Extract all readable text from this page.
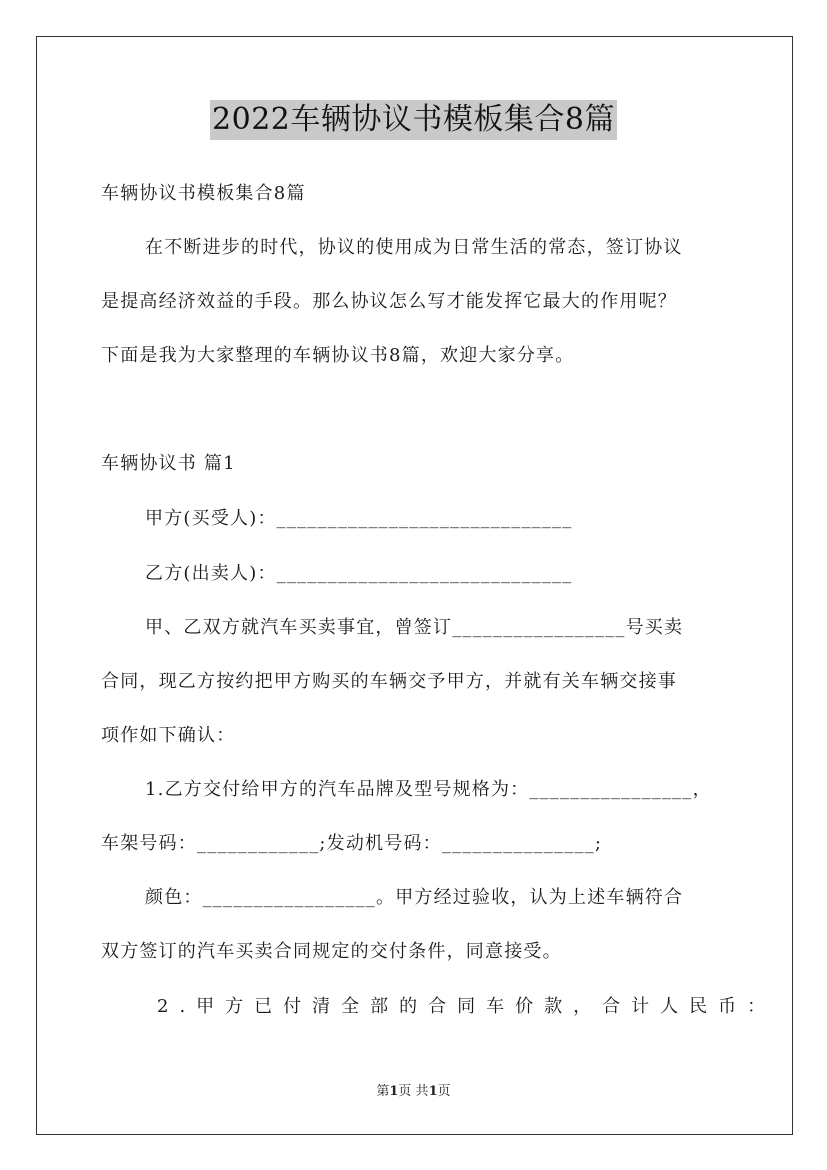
2022车辆协议书模板集合8篇
车辆协议书模板集合8篇
在不断进步的时代，协议的使用成为日常生活的常态，签订协议
是提高经济效益的手段。那么协议怎么写才能发挥它最大的作用呢？
下面是我为大家整理的车辆协议书8篇，欢迎大家分享。
车辆协议书 篇1
甲方(买受人)：_____________________________
乙方(出卖人)：_____________________________
甲、乙双方就汽车买卖事宜，曾签订_________________号买卖
合同，现乙方按约把甲方购买的车辆交予甲方，并就有关车辆交接事
项作如下确认：
1.乙方交付给甲方的汽车品牌及型号规格为：________________，
车架号码：____________;发动机号码：_______________;
颜色：_________________。甲方经过验收，认为上述车辆符合
双方签订的汽车买卖合同规定的交付条件，同意接受。
2.甲方已付清全部的合同车价款，合计人民币：
第1页 共1页
